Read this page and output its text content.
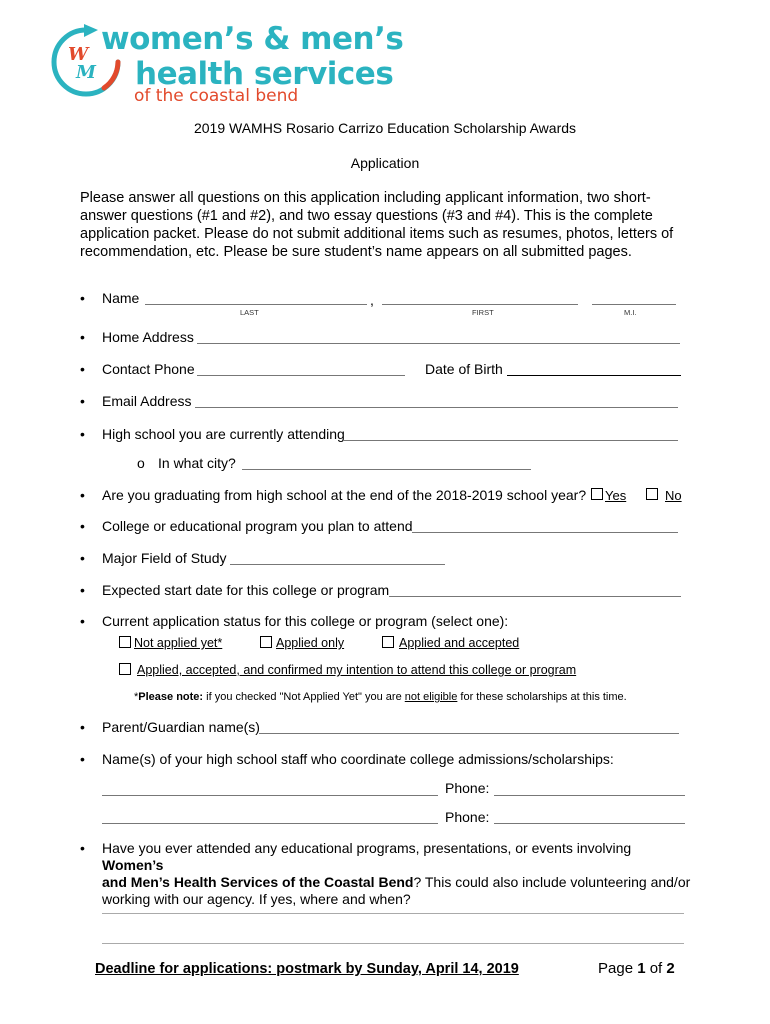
W
M
women’s & men’s
health services
of the coastal bend
2019 WAMHS Rosario Carrizo Education Scholarship Awards
Application
Please answer all questions on this application including applicant information, two short-answer questions (#1 and #2), and two essay questions (#3 and #4). This is the complete application packet. Please do not submit additional items such as resumes, photos, letters of recommendation, etc. Please be sure student’s name appears on all submitted pages.
• Name	,
LAST	FIRST	M.I.
• Home Address
• Contact Phone	Date of Birth
• Email Address
• High school you are currently attending
o In what city?
• Are you graduating from high school at the end of the 2018-2019 school year? Yes	No
• College or educational program you plan to attend
• Major Field of Study
• Expected start date for this college or program
• Current application status for this college or program (select one):
Not applied yet*	Applied only	Applied and accepted
Applied, accepted, and confirmed my intention to attend this college or program
*Please note: if you checked "Not Applied Yet" you are not eligible for these scholarships at this time.
• Parent/Guardian name(s)
• Name(s) of your high school staff who coordinate college admissions/scholarships:
Phone:
Phone:
• Have you ever attended any educational programs, presentations, or events involving Women’s
and Men’s Health Services of the Coastal Bend? This could also include volunteering and/or
working with our agency. If yes, where and when?
Deadline for applications: postmark by Sunday, April 14, 2019	Page 1 of 2
